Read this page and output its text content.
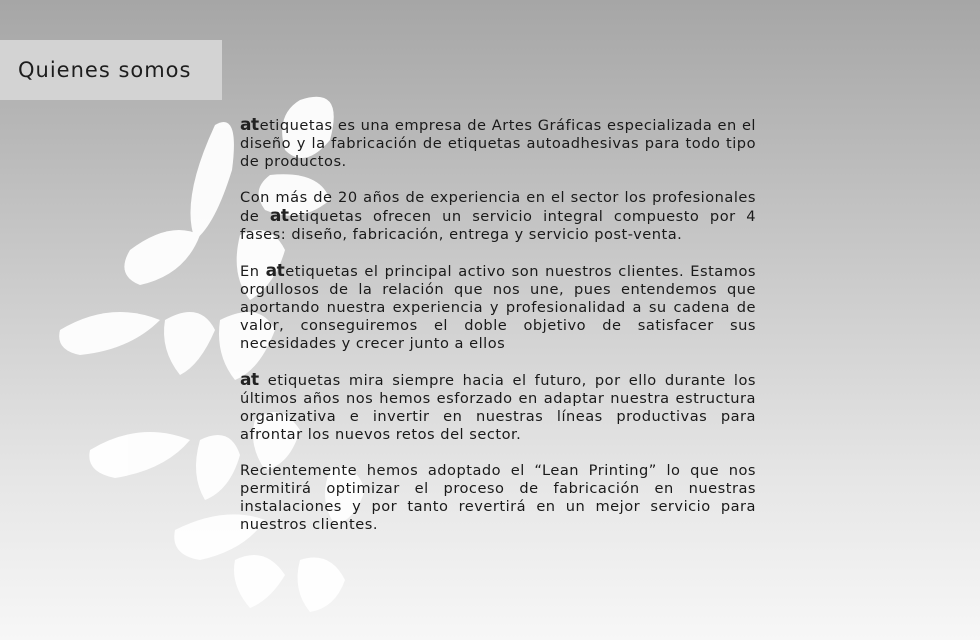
Quienes somos

atetiquetas es una empresa de Artes Gráficas especializada en el diseño y la fabricación de etiquetas autoadhesivas para todo tipo de productos.

Con más de 20 años de experiencia en el sector los profesionales de atetiquetas ofrecen un servicio integral compuesto por 4 fases: diseño, fabricación, entrega y servicio post-venta.

En atetiquetas el principal activo son nuestros clientes. Estamos orgullosos de la relación que nos une, pues entendemos que aportando nuestra experiencia y profesionalidad a su cadena de valor, conseguiremos el doble objetivo de satisfacer sus necesidades y crecer junto a ellos

at etiquetas mira siempre hacia el futuro, por ello durante los últimos años nos hemos esforzado en adaptar nuestra estructura organizativa e invertir en nuestras líneas productivas para afrontar los nuevos retos del sector.

Recientemente hemos adoptado el “Lean Printing” lo que nos permitirá optimizar el proceso de fabricación en nuestras instalaciones y por tanto revertirá en un mejor servicio para nuestros clientes.
